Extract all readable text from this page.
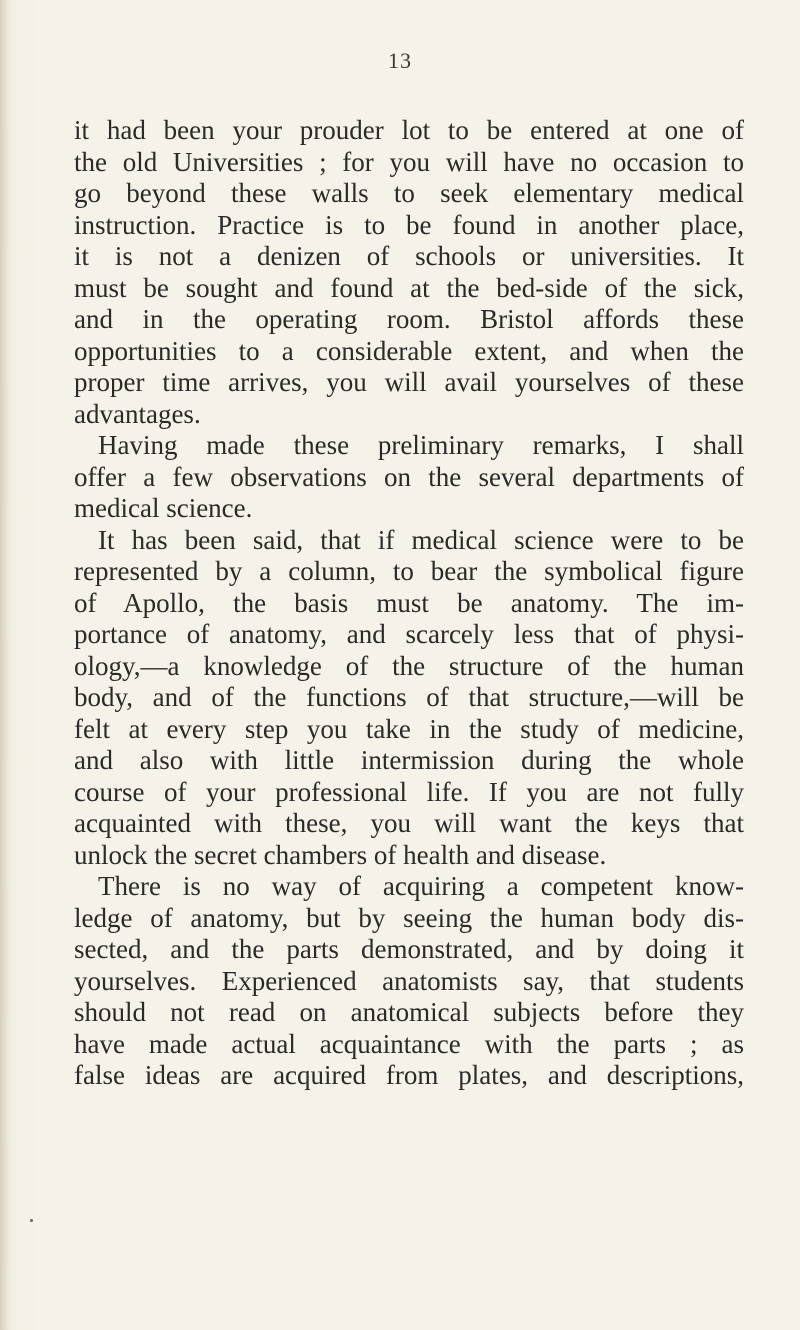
13
it had been your prouder lot to be entered at one of
the old Universities ; for you will have no occasion to
go beyond these walls to seek elementary medical
instruction. Practice is to be found in another place,
it is not a denizen of schools or universities. It
must be sought and found at the bed-side of the sick,
and in the operating room. Bristol affords these
opportunities to a considerable extent, and when the
proper time arrives, you will avail yourselves of these
advantages.
Having made these preliminary remarks, I shall
offer a few observations on the several departments of
medical science.
It has been said, that if medical science were to be
represented by a column, to bear the symbolical figure
of Apollo, the basis must be anatomy. The im-
portance of anatomy, and scarcely less that of physi-
ology,—a knowledge of the structure of the human
body, and of the functions of that structure,—will be
felt at every step you take in the study of medicine,
and also with little intermission during the whole
course of your professional life. If you are not fully
acquainted with these, you will want the keys that
unlock the secret chambers of health and disease.
There is no way of acquiring a competent know-
ledge of anatomy, but by seeing the human body dis-
sected, and the parts demonstrated, and by doing it
yourselves. Experienced anatomists say, that students
should not read on anatomical subjects before they
have made actual acquaintance with the parts ; as
false ideas are acquired from plates, and descriptions,
